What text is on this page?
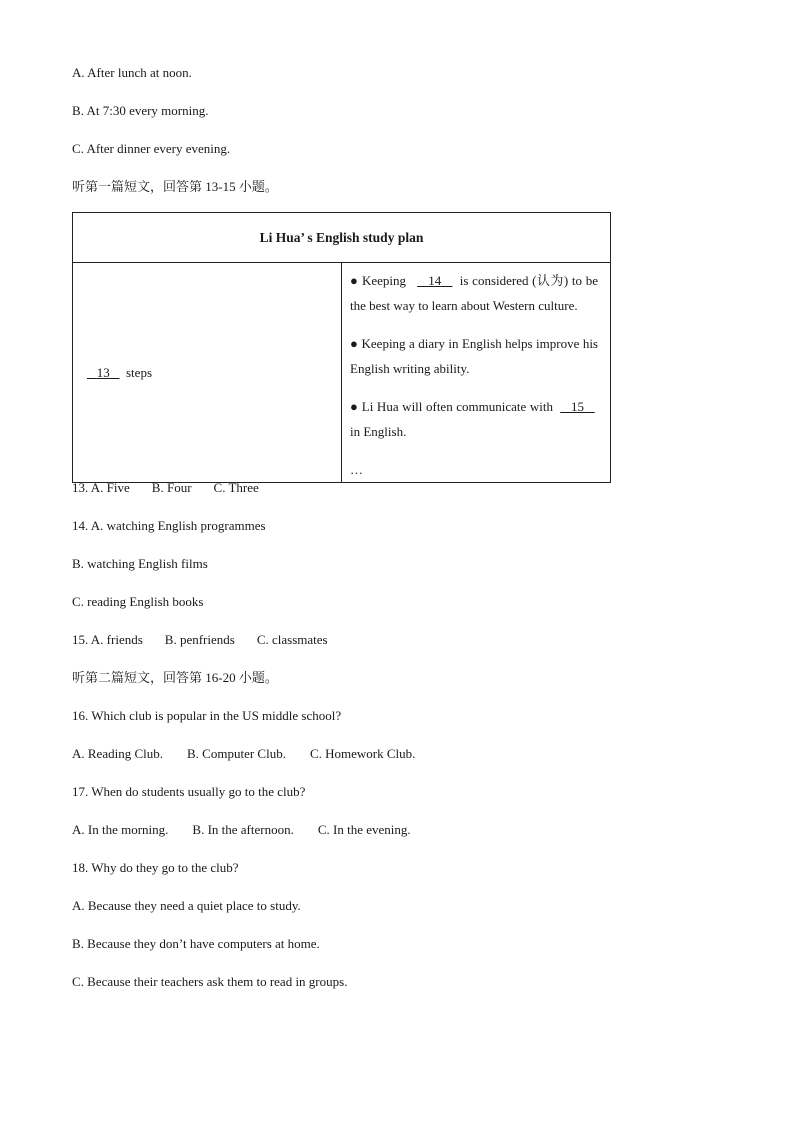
A. After lunch at noon.
B. At 7:30 every morning.
C. After dinner every evening.
听第一篇短文，回答第 13-15 小题。
Li Hua’ s English study plan
13 steps	

● Keeping 14 is considered (认为) to be the best way to learn about Western culture.

● Keeping a diary in English helps improve his English writing ability.

● Li Hua will often communicate with 15     in English.

…

13. A. Five B. Four C. Three
14. A. watching English programmes
B. watching English films
C. reading English books
15. A. friends B. penfriends C. classmates
听第二篇短文，回答第 16-20 小题。
16. Which club is popular in the US middle school?
A. Reading Club. B. Computer Club. C. Homework Club.
17. When do students usually go to the club?
A. In the morning. B. In the afternoon. C. In the evening.
18. Why do they go to the club?
A. Because they need a quiet place to study.
B. Because they don’t have computers at home.
C. Because their teachers ask them to read in groups.
